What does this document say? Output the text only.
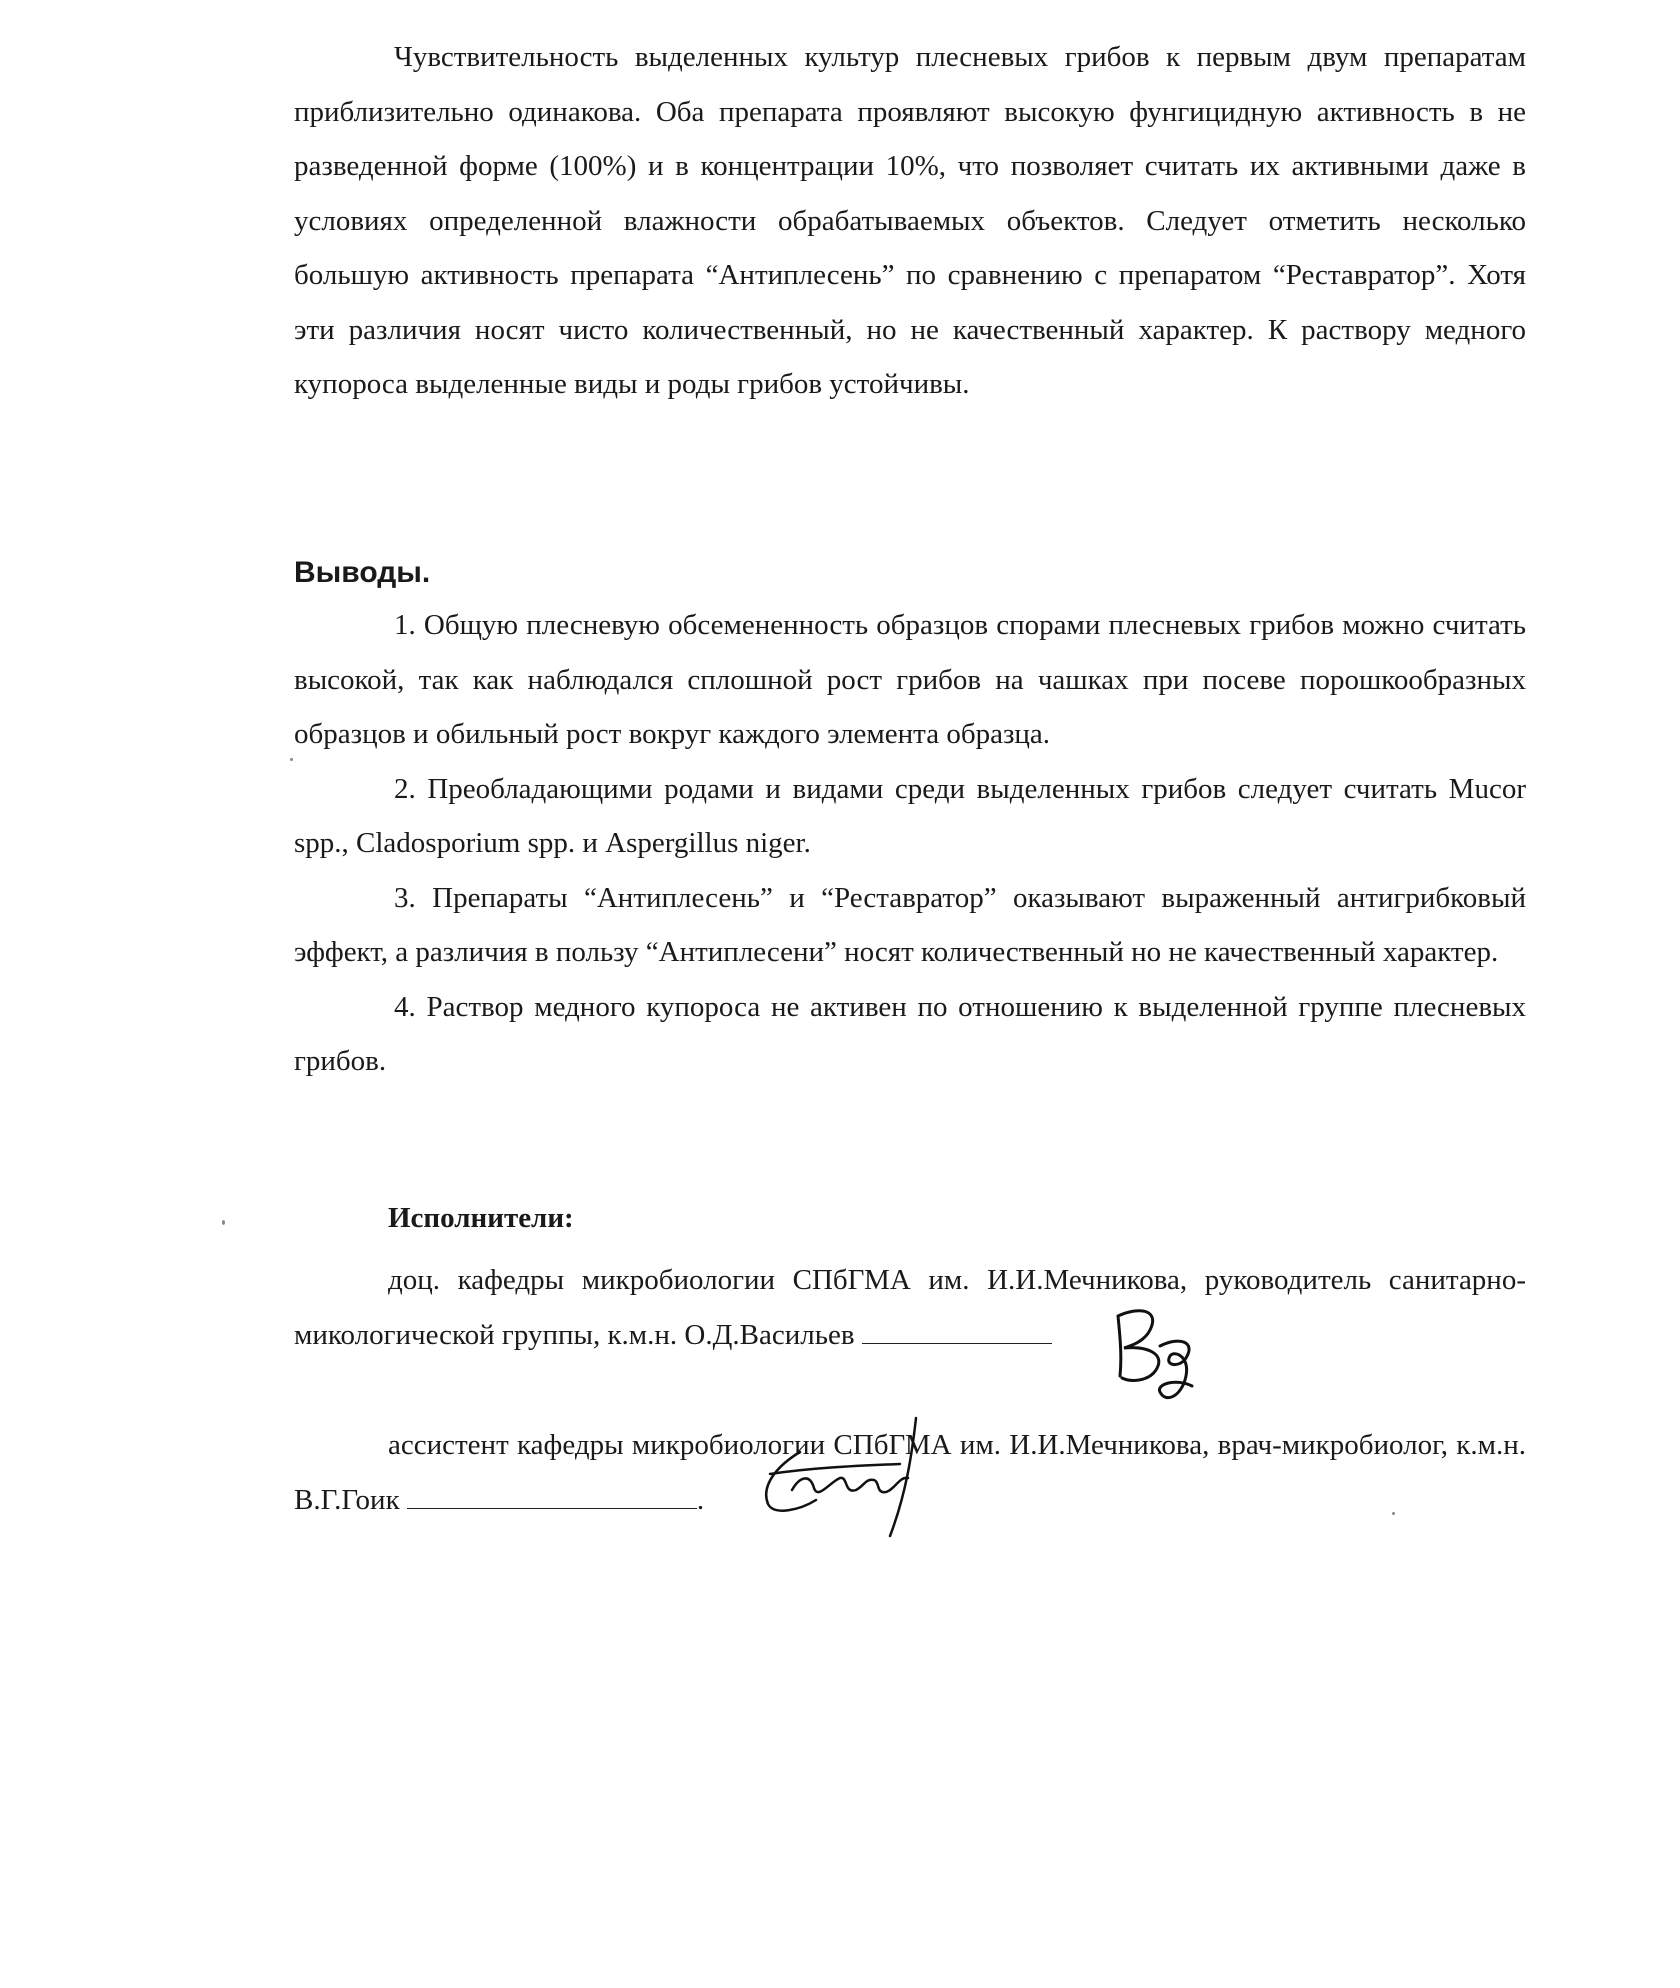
Чувствительность выделенных культур плесневых грибов к первым двум препаратам приблизительно одинакова. Оба препарата проявляют высокую фунгицидную активность в не разведенной форме (100%) и в концентрации 10%, что позволяет считать их активными даже в условиях определенной влажности обрабатываемых объектов. Следует отметить несколько большую активность препарата “Антиплесень” по сравнению с препаратом “Реставратор”. Хотя эти различия носят чисто количественный, но не качественный характер. К раствору медного купороса выделенные виды и роды грибов устойчивы.

Выводы.

1. Общую плесневую обсемененность образцов спорами плесневых грибов можно считать высокой, так как наблюдался сплошной рост грибов на чашках при посеве порошкообразных образцов и обильный рост вокруг каждого элемента образца.

2. Преобладающими родами и видами среди выделенных грибов следует считать Mucor spp., Cladosporium spp. и Aspergillus niger.

3. Препараты “Антиплесень” и “Реставратор” оказывают выраженный антигрибковый эффект, а различия в пользу “Антиплесени” носят количественный но не качественный характер.

4. Раствор медного купороса не активен по отношению к выделенной группе плесневых грибов.

Исполнители:

доц. кафедры микробиологии СПбГМА им. И.И.Мечникова, руководитель санитарно-микологической группы, к.м.н. О.Д.Васильев

ассистент кафедры микробиологии СПбГМА им. И.И.Мечникова, врач-микробиолог, к.м.н. В.Г.Гоик	.
